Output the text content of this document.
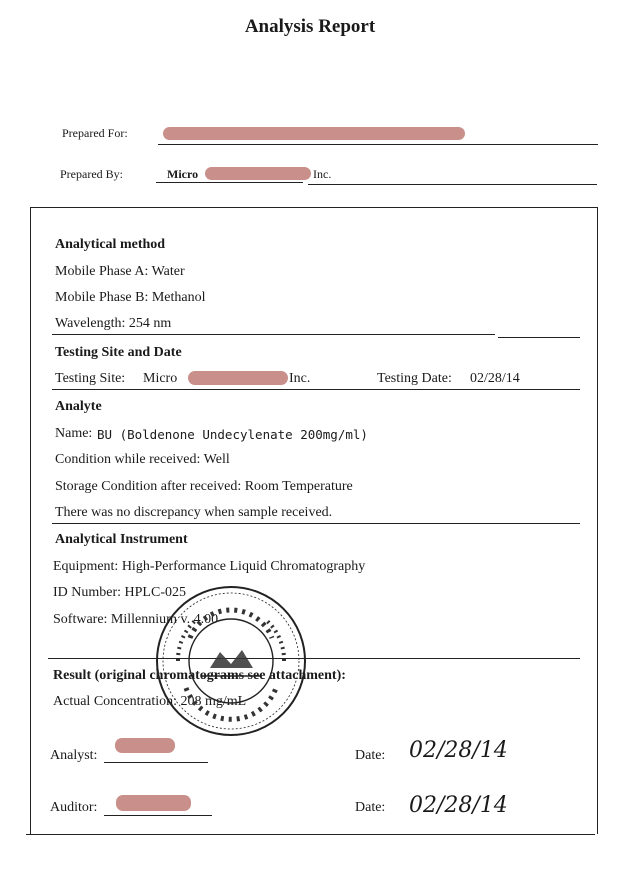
Analysis Report
Prepared For:
Prepared By:	Micro	Inc.
Analytical method
Mobile Phase A: Water
Mobile Phase B: Methanol
Wavelength: 254 nm
Testing Site and Date
Testing Site: Micro	Inc.	Testing Date: 02/28/14
Analyte
Name: BU (Boldenone Undecylenate 200mg/ml)
Condition while received: Well
Storage Condition after received: Room Temperature
There was no discrepancy when sample received.
Analytical Instrument
Equipment: High-Performance Liquid Chromatography
ID Number: HPLC-025
Software: Millennium v. 4.00
Result (original chromatograms see attachment):
Actual Concentration: 208 mg/mL
Analyst:	Date: 02/28/14
Auditor:	Date: 02/28/14
